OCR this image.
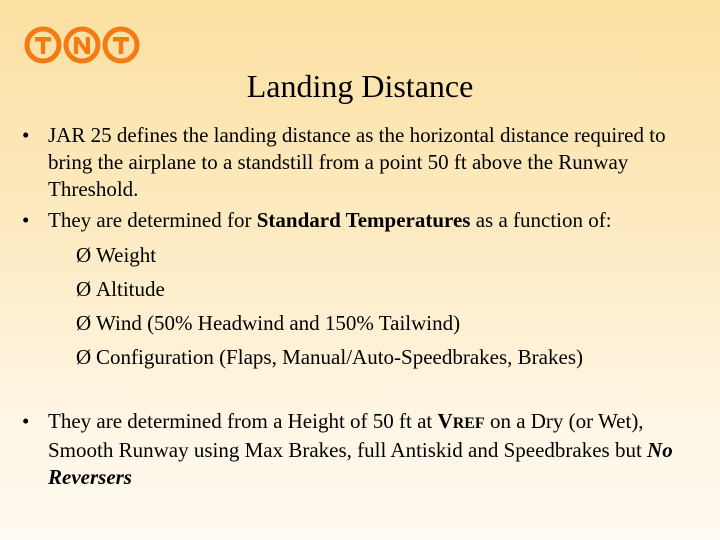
Landing Distance
• JAR 25 defines the landing distance as the horizontal distance required to bring the airplane to a standstill from a point 50 ft above the Runway Threshold.
• They are determined for Standard Temperatures as a function of:
Ø Weight
Ø Altitude
Ø Wind (50% Headwind and 150% Tailwind)
Ø Configuration (Flaps, Manual/Auto-Speedbrakes, Brakes)
• They are determined from a Height of 50 ft at VREF on a Dry (or Wet), Smooth Runway using Max Brakes, full Antiskid and Speedbrakes but No Reversers
